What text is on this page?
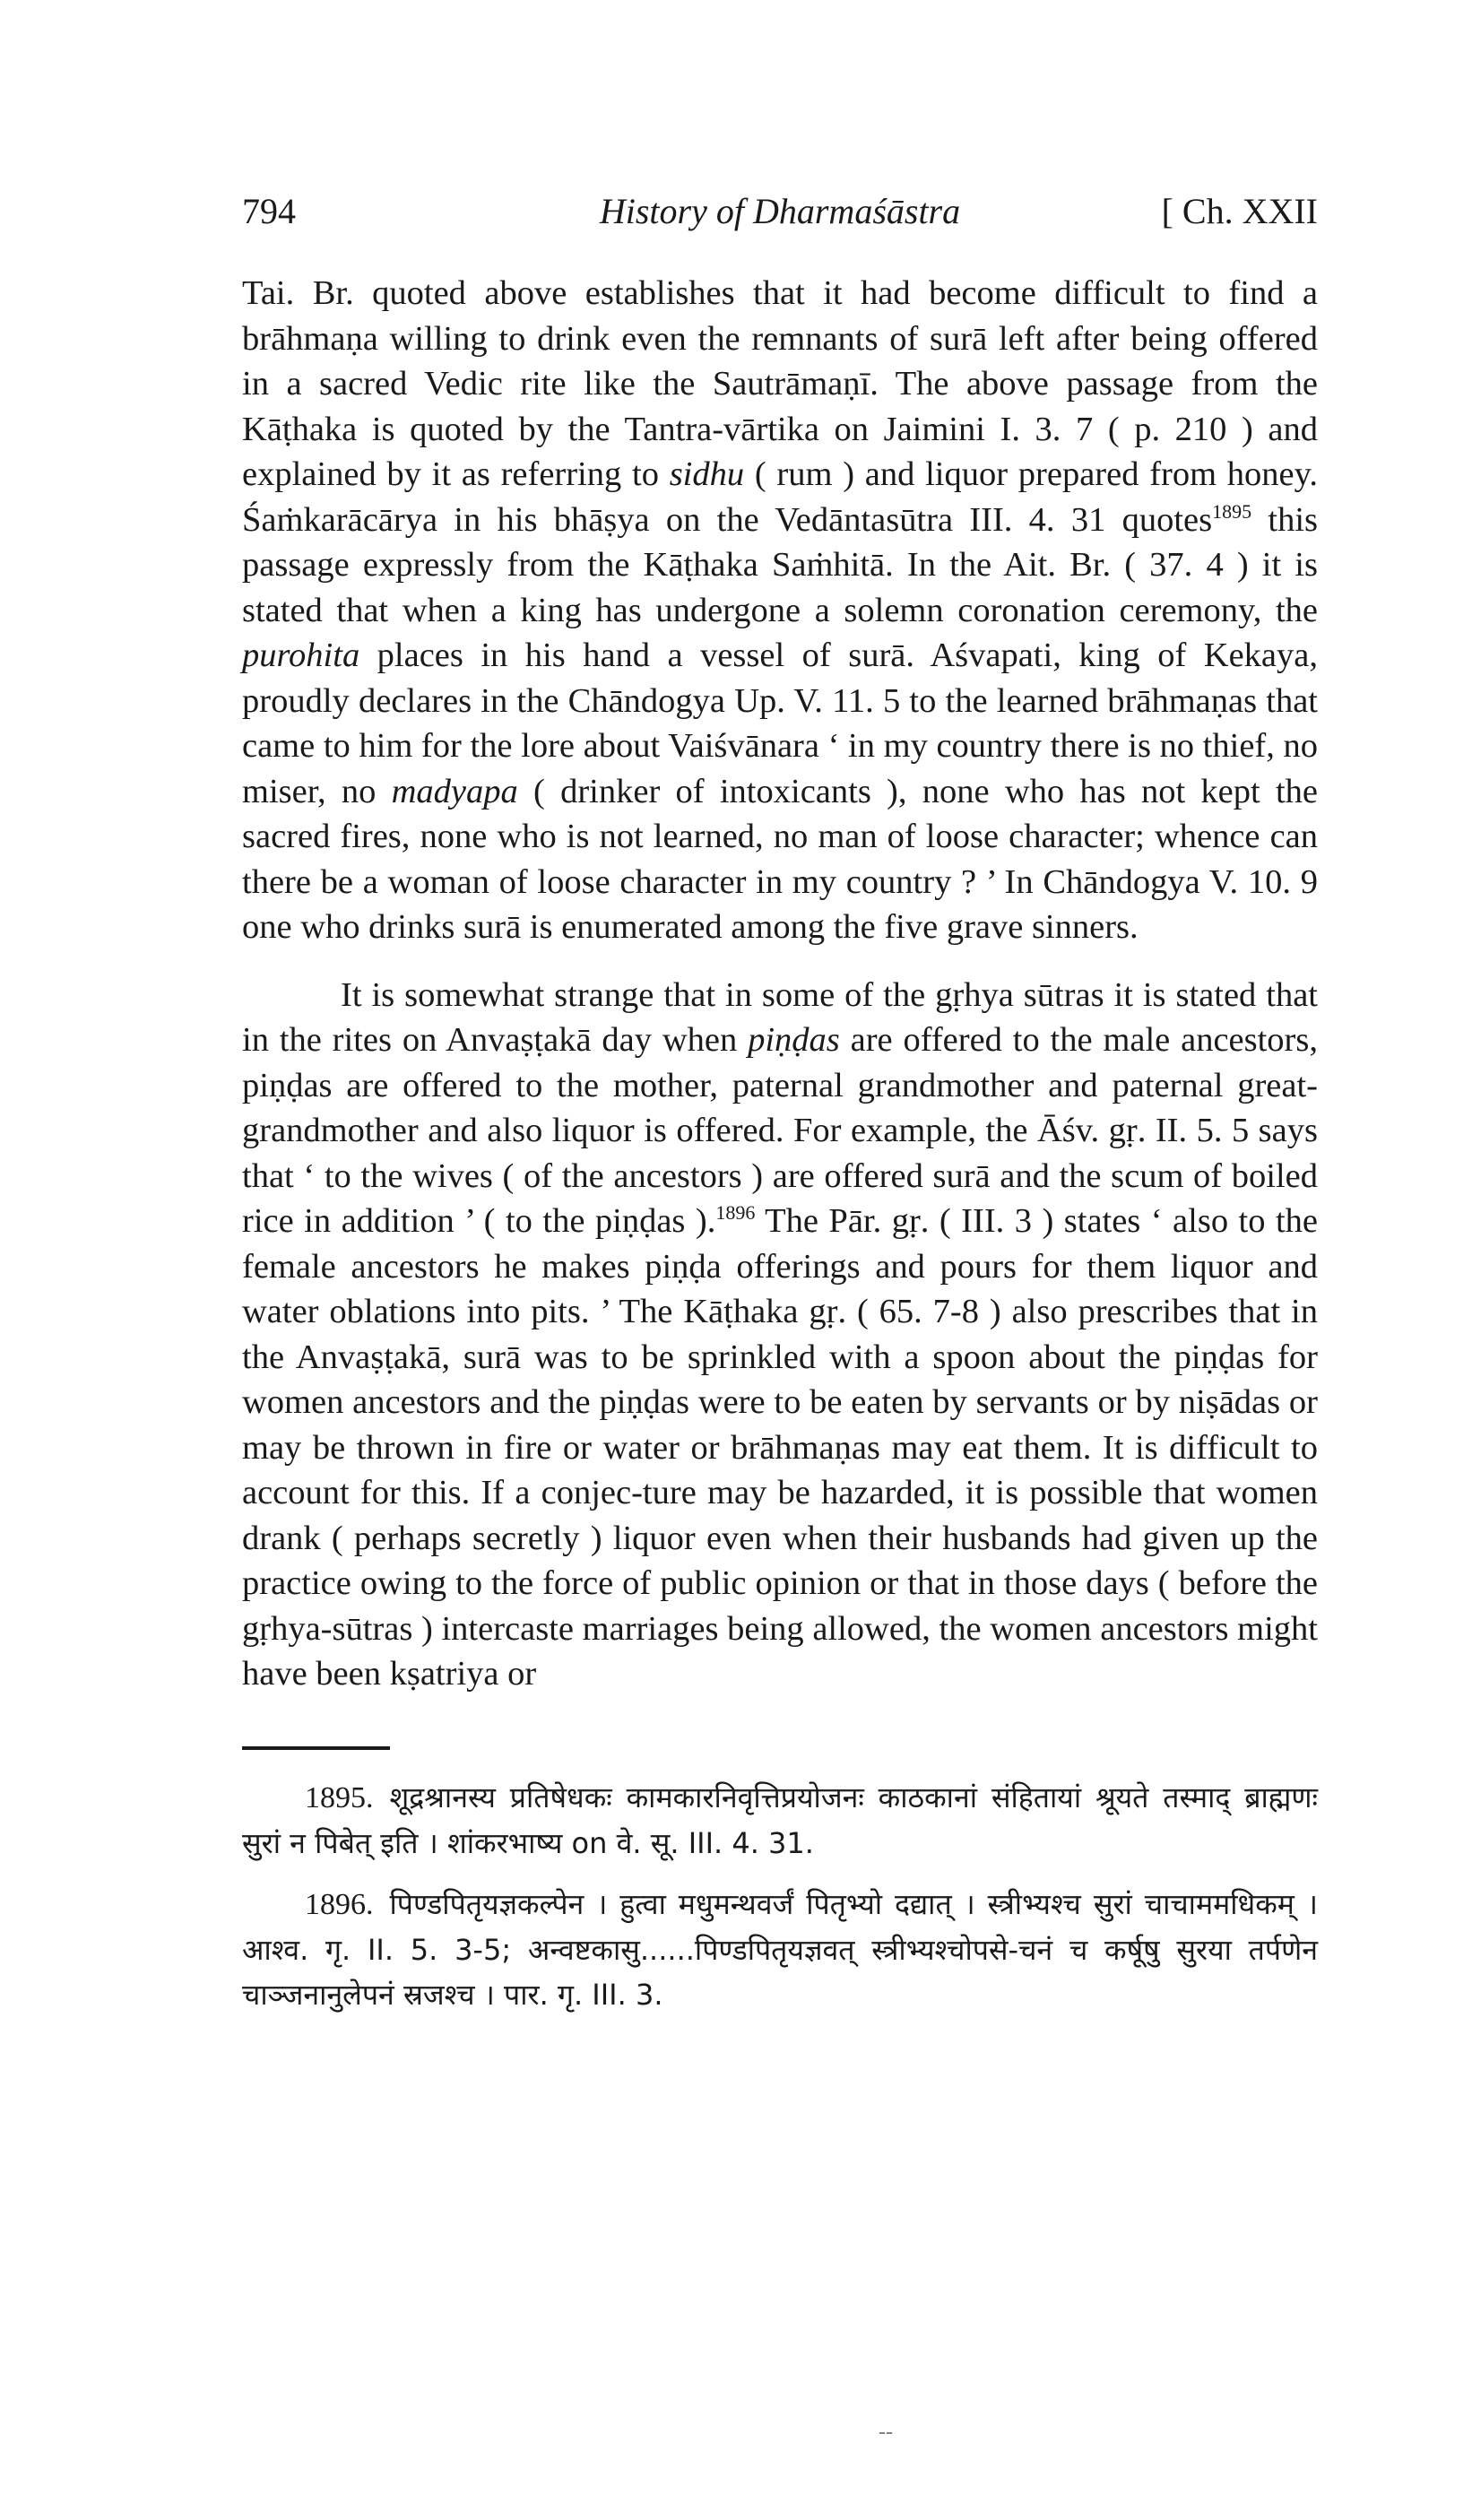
794	History of Dharmaśāstra	[ Ch. XXII

Tai. Br. quoted above establishes that it had become difficult to find a brāhmaṇa willing to drink even the remnants of surā left after being offered in a sacred Vedic rite like the Sautrāmaṇī. The above passage from the Kāṭhaka is quoted by the Tantra-vārtika on Jaimini I. 3. 7 ( p. 210 ) and explained by it as referring to sidhu ( rum ) and liquor prepared from honey. Śaṁkarācārya in his bhāṣya on the Vedāntasūtra III. 4. 31 quotes$^{1895}$ this passage expressly from the Kāṭhaka Saṁhitā. In the Ait. Br. ( 37. 4 ) it is stated that when a king has undergone a solemn coronation ceremony, the purohita places in his hand a vessel of surā. Aśvapati, king of Kekaya, proudly declares in the Chāndogya Up. V. 11. 5 to the learned brāhmaṇas that came to him for the lore about Vaiśvānara ‘ in my country there is no thief, no miser, no madyapa ( drinker of intoxicants ), none who has not kept the sacred fires, none who is not learned, no man of loose character; whence can there be a woman of loose character in my country ? ’ In Chāndogya V. 10. 9 one who drinks surā is enumerated among the five grave sinners.

It is somewhat strange that in some of the gṛhya sūtras it is stated that in the rites on Anvaṣṭakā day when piṇḍas are offered to the male ancestors, piṇḍas are offered to the mother, paternal grandmother and paternal great-grandmother and also liquor is offered. For example, the Āśv. gṛ. II. 5. 5 says that ‘ to the wives ( of the ancestors ) are offered surā and the scum of boiled rice in addition ’ ( to the piṇḍas ).$^{1896}$ The Pār. gṛ. ( III. 3 ) states ‘ also to the female ancestors he makes piṇḍa offerings and pours for them liquor and water oblations into pits. ’ The Kāṭhaka gṛ. ( 65. 7-8 ) also prescribes that in the Anvaṣṭakā, surā was to be sprinkled with a spoon about the piṇḍas for women ancestors and the piṇḍas were to be eaten by servants or by niṣādas or may be thrown in fire or water or brāhmaṇas may eat them. It is difficult to account for this. If a conjec-ture may be hazarded, it is possible that women drank ( perhaps secretly ) liquor even when their husbands had given up the practice owing to the force of public opinion or that in those days ( before the gṛhya-sūtras ) intercaste marriages being allowed, the women ancestors might have been kṣatriya or

1895. शूद्रश्रानस्य प्रतिषेधकः कामकारनिवृत्तिप्रयोजनः काठकानां संहितायां श्रूयते तस्माद् ब्राह्मणः सुरां न पिबेत् इति । शांकरभाष्य on वे. सू. III. 4. 31.

1896. पिण्डपितृयज्ञकल्पेन । हुत्वा मधुमन्थवर्जं पितृभ्यो दद्यात् । स्त्रीभ्यश्च सुरां चाचाममधिकम् । आश्व. गृ. II. 5. 3-5; अन्वष्टकासु......पिण्डपितृयज्ञवत् स्त्रीभ्यश्चोपसे-चनं च कर्षूषु सुरया तर्पणेन चाञ्जनानुलेपनं स्रजश्च । पार. गृ. III. 3.

--
